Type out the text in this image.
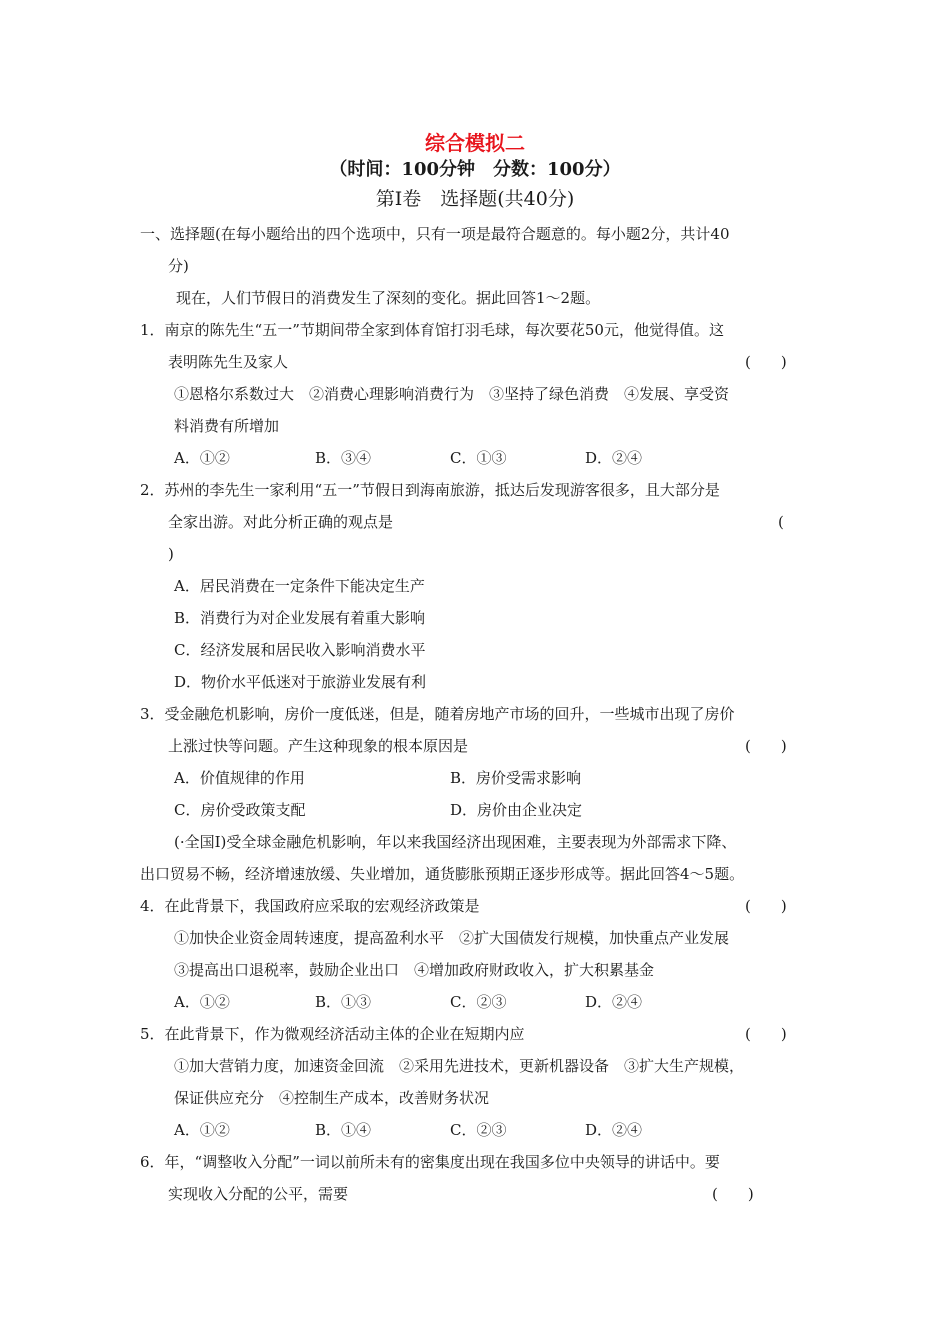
综合模拟二
（时间：100分钟　分数：100分）
第Ⅰ卷　选择题(共40分)
一、选择题(在每小题给出的四个选项中，只有一项是最符合题意的。每小题2分，共计40
分)
现在，人们节假日的消费发生了深刻的变化。据此回答1～2题。
1．南京的陈先生“五一”节期间带全家到体育馆打羽毛球，每次要花50元，他觉得值。这
表明陈先生及家人	(　　)
①恩格尔系数过大　②消费心理影响消费行为　③坚持了绿色消费　④发展、享受资
料消费有所增加
A．①②	B．③④	C．①③	D．②④
2．苏州的李先生一家利用“五一”节假日到海南旅游，抵达后发现游客很多，且大部分是
全家出游。对此分析正确的观点是	(
)
A．居民消费在一定条件下能决定生产
B．消费行为对企业发展有着重大影响
C．经济发展和居民收入影响消费水平
D．物价水平低迷对于旅游业发展有利
3．受金融危机影响，房价一度低迷，但是，随着房地产市场的回升，一些城市出现了房价
上涨过快等问题。产生这种现象的根本原因是	(　　)
A．价值规律的作用	B．房价受需求影响
C．房价受政策支配	D．房价由企业决定
(·全国Ⅰ)受全球金融危机影响，年以来我国经济出现困难，主要表现为外部需求下降、
出口贸易不畅，经济增速放缓、失业增加，通货膨胀预期正逐步形成等。据此回答4～5题。
4．在此背景下，我国政府应采取的宏观经济政策是	(　　)
①加快企业资金周转速度，提高盈利水平　②扩大国债发行规模，加快重点产业发展
③提高出口退税率，鼓励企业出口　④增加政府财政收入，扩大积累基金
A．①②	B．①③	C．②③	D．②④
5．在此背景下，作为微观经济活动主体的企业在短期内应	(　　)
①加大营销力度，加速资金回流　②采用先进技术，更新机器设备　③扩大生产规模，
保证供应充分　④控制生产成本，改善财务状况
A．①②	B．①④	C．②③	D．②④
6．年，“调整收入分配”一词以前所未有的密集度出现在我国多位中央领导的讲话中。要
实现收入分配的公平，需要	(　　)
